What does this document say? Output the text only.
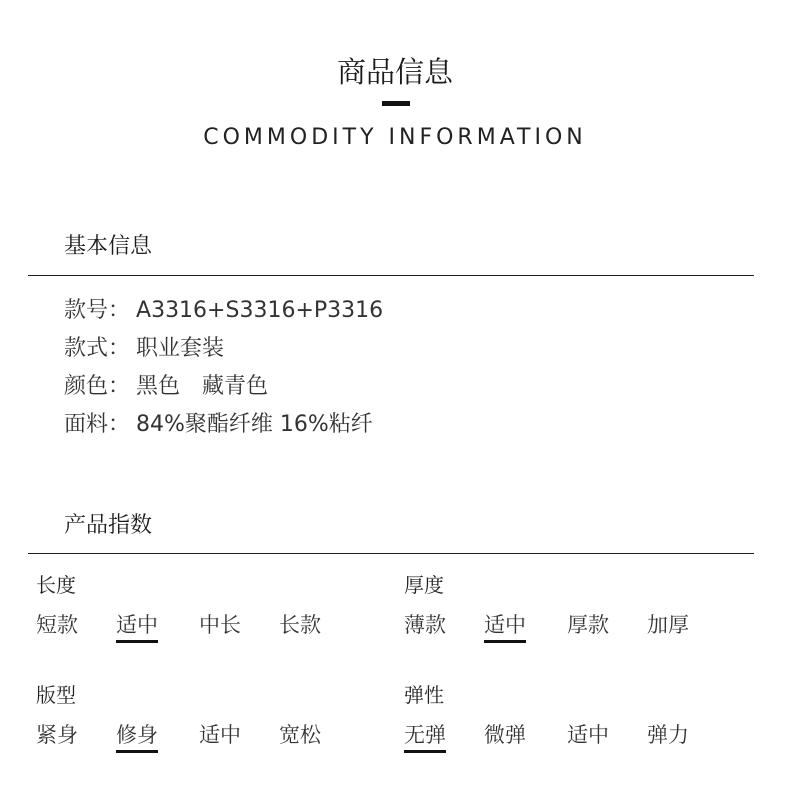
商品信息
COMMODITY INFORMATION
基本信息
款号： A3316+S3316+P3316
款式： 职业套装
颜色： 黑色　藏青色
面料： 84%聚酯纤维 16%粘纤
产品指数
长度
短款 适中 中长 长款
厚度
薄款 适中 厚款 加厚
版型
紧身 修身 适中 宽松
弹性
无弹 微弹 适中 弹力
